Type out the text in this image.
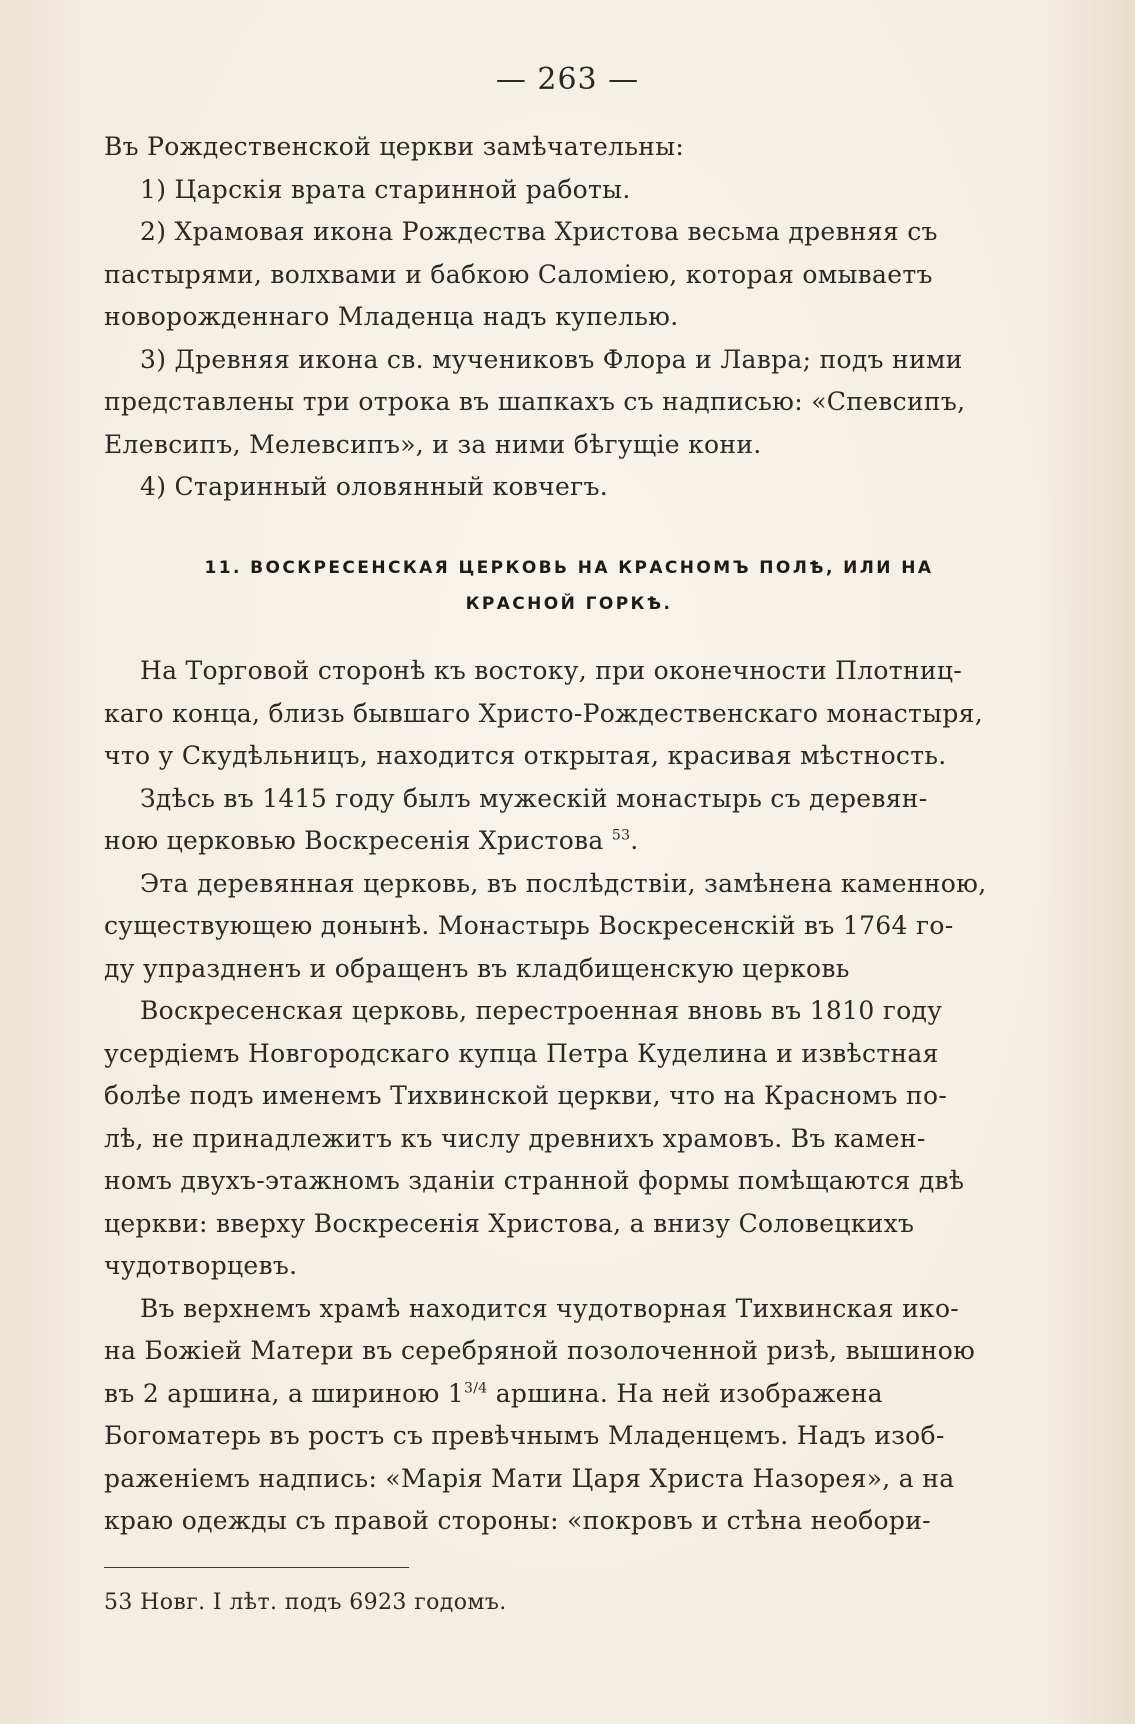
— 263 —
Въ Рождественской церкви замѣчательны:
1) Царскія врата старинной работы.
2) Храмовая икона Рождества Христова весьма древняя съ
пастырями, волхвами и бабкою Саломіею, которая омываетъ
новорожденнаго Младенца надъ купелью.
3) Древняя икона св. мучениковъ Флора и Лавра; подъ ними
представлены три отрока въ шапкахъ съ надписью: «Спевсипъ,
Елевсипъ, Мелевсипъ», и за ними бѣгущіе кони.
4) Старинный оловянный ковчегъ.
11. ВОСКРЕСЕНСКАЯ ЦЕРКОВЬ НА КРАСНОМЪ ПОЛѢ, ИЛИ НА
КРАСНОЙ ГОРКѢ.
На Торговой сторонѣ къ востоку, при оконечности Плотниц-
каго конца, близь бывшаго Христо-Рождественскаго монастыря,
что у Скудѣльницъ, находится открытая, красивая мѣстность.
Здѣсь въ 1415 году былъ мужескій монастырь съ деревян-
ною церковью Воскресенія Христова $^{53}$.
Эта деревянная церковь, въ послѣдствіи, замѣнена каменною,
существующею донынѣ. Монастырь Воскресенскій въ 1764 го-
ду упраздненъ и обращенъ въ кладбищенскую церковь
Воскресенская церковь, перестроенная вновь въ 1810 году
усердіемъ Новгородскаго купца Петра Куделина и извѣстная
болѣе подъ именемъ Тихвинской церкви, что на Красномъ по-
лѣ, не принадлежитъ къ числу древнихъ храмовъ. Въ камен-
номъ двухъ-этажномъ зданіи странной формы помѣщаются двѣ
церкви: вверху Воскресенія Христова, а внизу Соловецкихъ
чудотворцевъ.
Въ верхнемъ храмѣ находится чудотворная Тихвинская ико-
на Божіей Матери въ серебряной позолоченной ризѣ, вышиною
въ 2 аршина, а шириною $1^{3/4}$ аршина. На ней изображена
Богоматерь въ ростъ съ превѣчнымъ Младенцемъ. Надъ изоб-
раженіемъ надпись: «Марія Мати Царя Христа Назорея», а на
краю одежды съ правой стороны: «покровъ и стѣна необори-
53 Новг. I лѣт. подъ 6923 годомъ.
